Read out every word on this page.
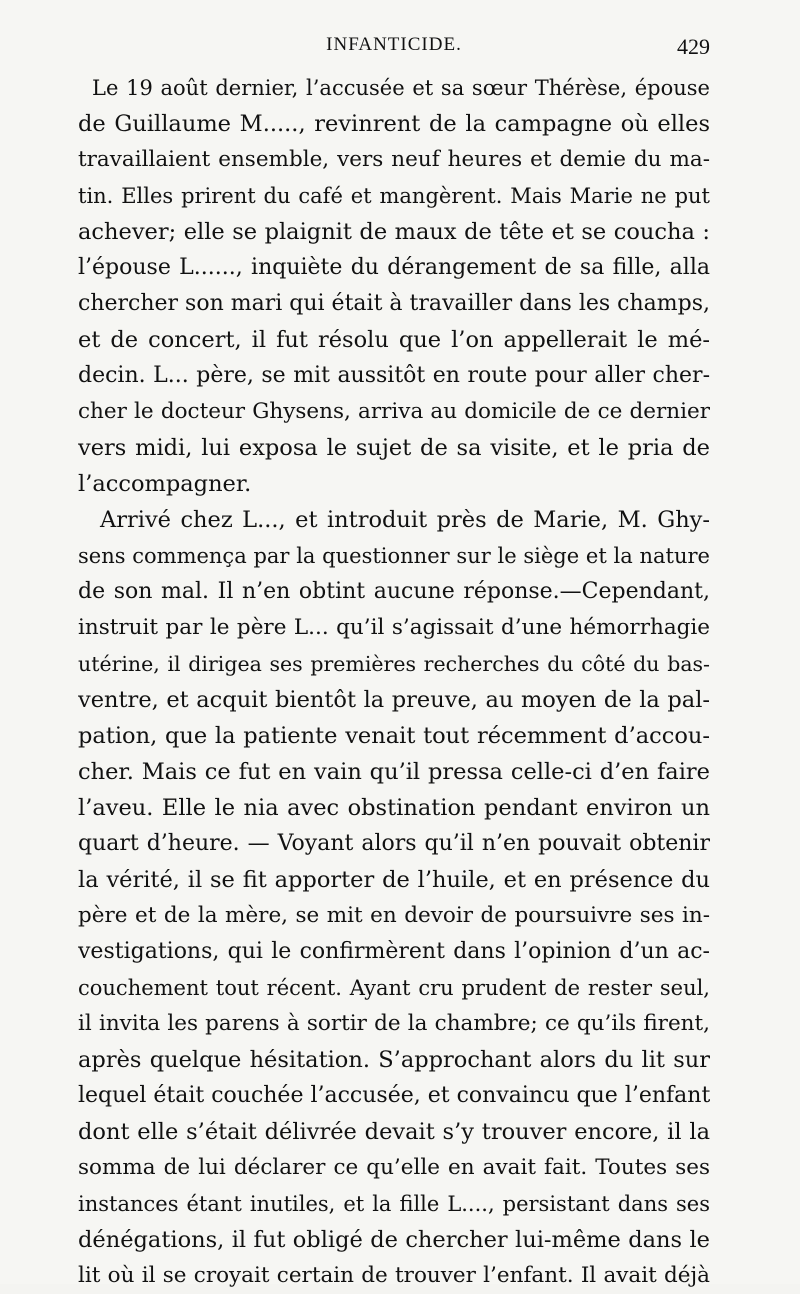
INFANTICIDE.	429
Le 19 août dernier, l’accusée et sa sœur Thérèse, épouse
de Guillaume M....., revinrent de la campagne où elles
travaillaient ensemble, vers neuf heures et demie du ma-
tin. Elles prirent du café et mangèrent. Mais Marie ne put
achever; elle se plaignit de maux de tête et se coucha :
l’épouse L......, inquiète du dérangement de sa fille, alla
chercher son mari qui était à travailler dans les champs,
et de concert, il fut résolu que l’on appellerait le mé-
decin. L... père, se mit aussitôt en route pour aller cher-
cher le docteur Ghysens, arriva au domicile de ce dernier
vers midi, lui exposa le sujet de sa visite, et le pria de
l’accompagner.
Arrivé chez L..., et introduit près de Marie, M. Ghy-
sens commença par la questionner sur le siège et la nature
de son mal. Il n’en obtint aucune réponse.—Cependant,
instruit par le père L... qu’il s’agissait d’une hémorrhagie
utérine, il dirigea ses premières recherches du côté du bas-
ventre, et acquit bientôt la preuve, au moyen de la pal-
pation, que la patiente venait tout récemment d’accou-
cher. Mais ce fut en vain qu’il pressa celle-ci d’en faire
l’aveu. Elle le nia avec obstination pendant environ un
quart d’heure. — Voyant alors qu’il n’en pouvait obtenir
la vérité, il se fit apporter de l’huile, et en présence du
père et de la mère, se mit en devoir de poursuivre ses in-
vestigations, qui le confirmèrent dans l’opinion d’un ac-
couchement tout récent. Ayant cru prudent de rester seul,
il invita les parens à sortir de la chambre; ce qu’ils firent,
après quelque hésitation. S’approchant alors du lit sur
lequel était couchée l’accusée, et convaincu que l’enfant
dont elle s’était délivrée devait s’y trouver encore, il la
somma de lui déclarer ce qu’elle en avait fait. Toutes ses
instances étant inutiles, et la fille L...., persistant dans ses
dénégations, il fut obligé de chercher lui-même dans le
lit où il se croyait certain de trouver l’enfant. Il avait déjà
